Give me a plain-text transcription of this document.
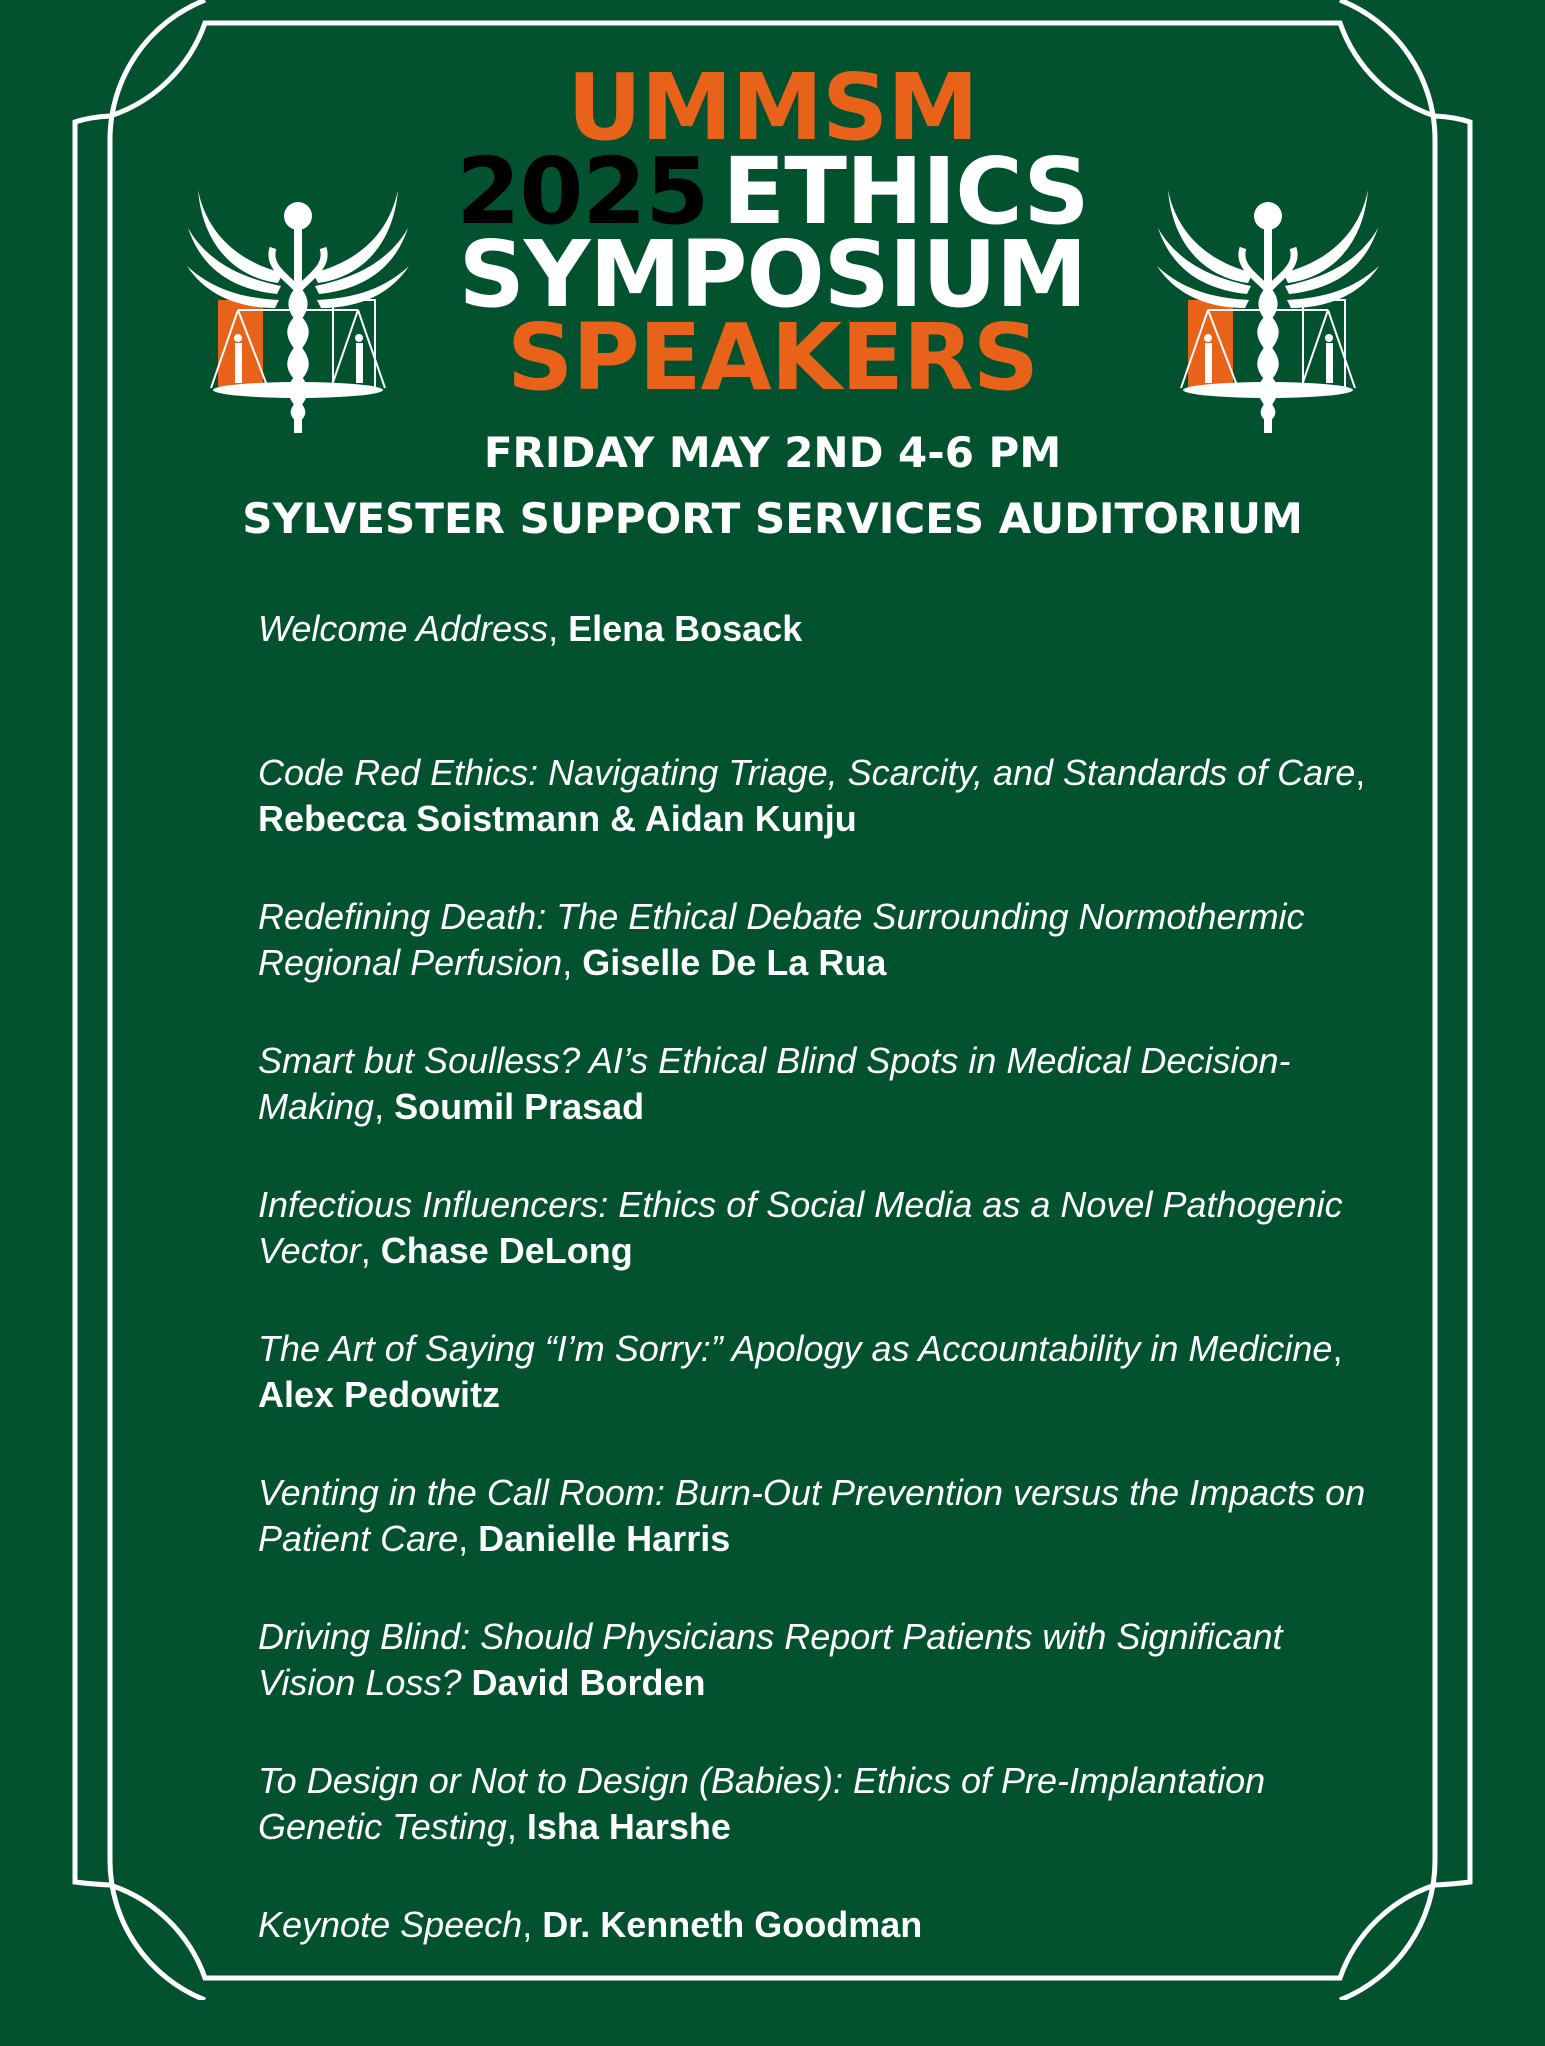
UMMSM
2025 ETHICS
SYMPOSIUM
SPEAKERS
FRIDAY MAY 2ND 4-6 PM
SYLVESTER SUPPORT SERVICES AUDITORIUM
Welcome Address, Elena Bosack
Code Red Ethics: Navigating Triage, Scarcity, and Standards of Care, Rebecca Soistmann & Aidan Kunju
Redefining Death: The Ethical Debate Surrounding Normothermic Regional Perfusion, Giselle De La Rua
Smart but Soulless? AI’s Ethical Blind Spots in Medical Decision-Making, Soumil Prasad
Infectious Influencers: Ethics of Social Media as a Novel Pathogenic Vector, Chase DeLong
The Art of Saying “I’m Sorry:” Apology as Accountability in Medicine, Alex Pedowitz
Venting in the Call Room: Burn-Out Prevention versus the Impacts on Patient Care, Danielle Harris
Driving Blind: Should Physicians Report Patients with Significant Vision Loss? David Borden
To Design or Not to Design (Babies): Ethics of Pre-Implantation Genetic Testing, Isha Harshe
Keynote Speech, Dr. Kenneth Goodman
